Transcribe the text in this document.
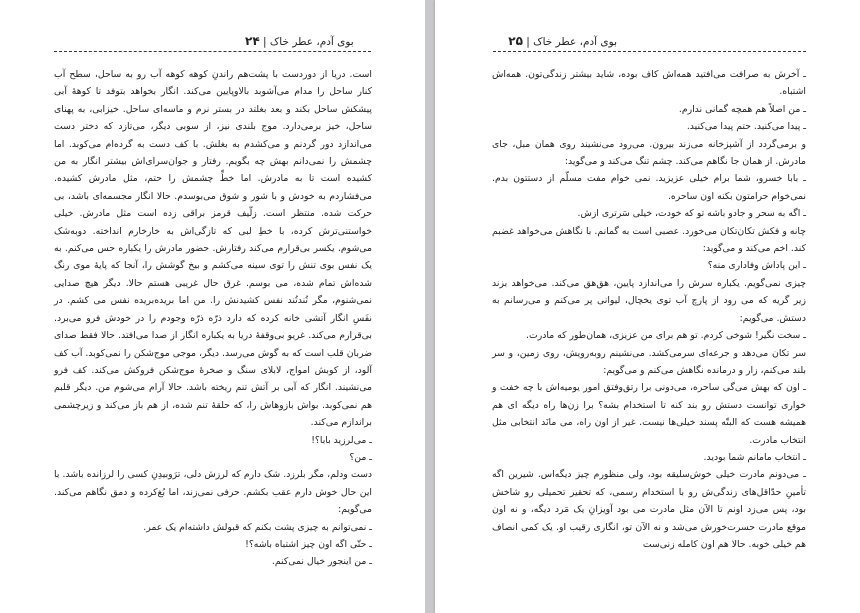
بوی آدم، عطر خاک | ۲۴

است. دریا از دوردست با پشت‌هم راندنِ کوهه کوهه آب رو به ساحل، سطح آب کنار ساحل را مدام می‌آشوبد بالاوپایین می‌کند. انگار بخواهد بتوفد تا کوههٔ آبی پیشکش ساحل بکند و بعد بغلتد در بستر نرم و ماسه‌ای ساحل. خیزابی، به پهنای ساحل، خیز برمی‌دارد. موج بلندی نیز، از سوبی دیگر، می‌تازد که دختر دست می‌اندازد دور گردنم و می‌کشدم به بغلش. با کف دست به گرده‌ام می‌کوبد. اما چشمش را نمی‌دانم بهش چه بگویم. رفتار و جوان‌سرای‌اش بیشتر انگار به من کشیده است تا به مادرش. اما خطِّ چشمش را حتم، مثل مادرش کشیده. می‌فشاردم به خودش و با شور و شوق می‌بوسدم. حالا انگار مجسمه‌ای باشد، بی حرکت شده. منتظر است. زلّیف قرمز براقی زده است مثل مادرش. خیلی خواستنی‌ترش کرده، با خطِ لبی که تازگی‌اش به خارخارم انداخته. دوبه‌شک می‌شوم. یکسر بی‌قرارم می‌کند رفتارش. حضور مادرش را یکباره حس می‌کنم. به یک نفس بوی تنش را توی سینه می‌کشم و بیخ گوشش را، آنجا که پایهٔ موی رنگ شده‌اش تمام شده، می بوسم. غرق حال غریبی هستم حالا. دیگر هیچ صدایی نمی‌شنوم، مگر تُندتُند نفس کشیدنش را. من اما بریده‌بریده نفس می کشم. در نفَسِ انگار آتشی خانه کرده که دارد ذرّه ذرّه وجودم را در خودش فرو می‌برد. بی‌قرارم می‌کند. غریو بی‌وقفهٔ دریا به یکباره انگار از صدا می‌افتد. حالا فقط صدای ضربان قلب است که به گوش می‌رسد. دیگر، موجی موج‌شکن را نمی‌کوبد. آب کف آلود، از کوبش امواج، لابلای سنگ و صخرهٔ موج‌شکن فروکش می‌کند. کف فرو می‌نشیند. انگار که آبی بر آتش تنم ریخته باشد. حالا آرام می‌شوم من. دیگر قلبم هم نمی‌کوبد. بواش بازوهاش را، که حلقهٔ تنم شده، از هم باز می‌کند و زیرچشمی براندازم می‌کند.

ـ می‌لرزید بابا؟!

ـ من؟

دست ودلم، مگر بلرزد. شک دارم که لرزش دلی، ترَوبیدِنِ کسی را لرزانده باشد. با این حال خوش دارم عقب بکشم. حرفی نمی‌زند، اما بُغ‌کرده و دمق نگاهم می‌کند. می‌گویم:

ـ نمی‌توانم به چیزی پشت بکنم که قبولش داشته‌ام یک عمر.

ـ حتّی اگه اون چیز اشتباه باشه؟!

ـ من اینجور خیال نمی‌کنم.

بوی آدم، عطر خاک | ۲۵

ـ آخرش به صرافت می‌افتید همه‌اش کاف بوده، شاید بیشتر زندگی‌تون. همه‌اش اشتباه.

ـ من اصلاً هم همچه گمانی ندارم.

ـ پیدا می‌کنید. حتم پیدا می‌کنید.

و برمی‌گردد از آشپزخانه می‌زند بیرون. می‌رود می‌نشیند روی همان مبل، جای مادرش. از همان جا نگاهم می‌کند. چشم تنگ می‌کند و می‌گوید:

ـ بابا خسرو، شما برام خیلی عزیزید. نمی خوام مفت مسلّم از دستتون بدم. نمی‌خوام حرامتون بکنه اون ساحره.

ـ اگه به سحر و جادو باشه تو که خودت، خیلی سَرتری ازش.

چانه و فکش تکان‌تکان می‌خورد. عصبی است به گمانم. با نگاهش می‌خواهد غضبم کند. اخم می‌کند و می‌گوید:

ـ این پاداش وفاداری منه؟

چیزی نمی‌گویم. یکباره سرش را می‌اندازد پایین، هق‌هق می‌کند. می‌خواهد بزند زیر گریه که می رود از پارچ آب توی یخچال، لیوانی پر می‌کنم و می‌رسانم به دستش. می‌گویم:

ـ سخت نگیر! شوخی کردم. تو هم برای من عزیزی، همان‌طور که مادرت.

سر تکان می‌دهد و جرعه‌ای سرمی‌کشد. می‌نشینم روبه‌رویش، روی زمین، و سر بلند می‌کنم، زار و درمانده نگاهش می‌کنم و می‌گویم:

ـ اون که بهش می‌گی ساحره، می‌دونی برا رتق‌وفتق امور یومیه‌اش با چه خفت و خواری توانست دستش رو بند کنه تا استخدام بشه؟ برا زن‌ها راه دیگه ای هم همیشه هست که البتّه پسند خیلی‌ها نیست. غیر از اون راه، می مانَد انتخابی مثل انتخاب مادرت.

ـ انتخاب مامانم شما بودید.

ـ می‌دونم مادرت خیلی خوش‌سلیقه بود، ولی منظورم چیز دیگه‌اس. شیرین اگه تأمینِ حدّاقل‌های زندگی‌ش رو با استخدام رسمی، که تحقیر تحمیلی رو شاخش بود، پس می‌زد اونم تا الآن مثل مادرت می بود آویزانِ یک مَرد دیگه، و نه اون موقع مادرت حسرت‌خورش می‌شد و نه الآن تو، انگاری رقیب او. یک کمی انصاف هم خیلی خوبه. حالا هم اون کامله زنی‌ست
